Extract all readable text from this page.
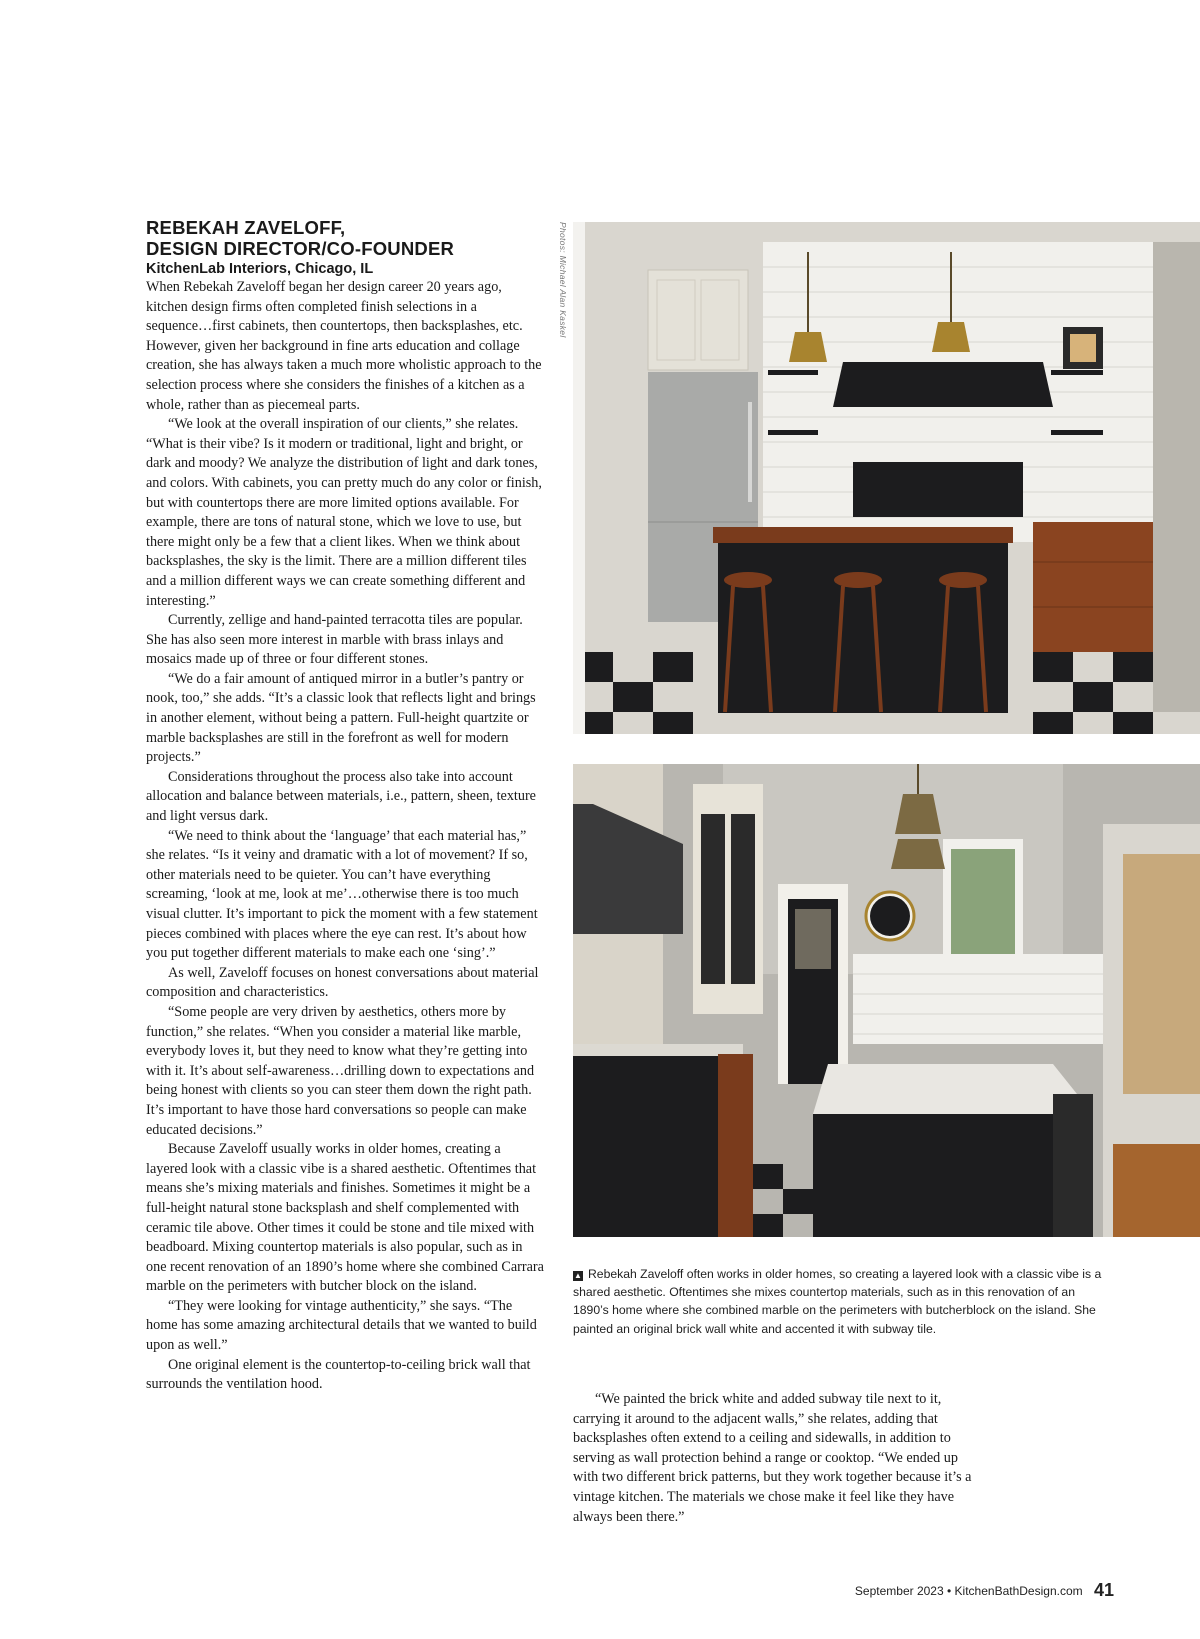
REBEKAH ZAVELOFF,
DESIGN DIRECTOR/CO-FOUNDER

KitchenLab Interiors, Chicago, IL

When Rebekah Zaveloff began her design career 20 years ago, kitchen design firms often completed finish selections in a sequence…first cabinets, then countertops, then backsplashes, etc. However, given her background in fine arts education and collage creation, she has always taken a much more wholistic approach to the selection process where she considers the finishes of a kitchen as a whole, rather than as piecemeal parts.

“We look at the overall inspiration of our clients,” she relates. “What is their vibe? Is it modern or traditional, light and bright, or dark and moody? We analyze the distribution of light and dark tones, and colors. With cabinets, you can pretty much do any color or finish, but with countertops there are more limited options available. For example, there are tons of natural stone, which we love to use, but there might only be a few that a client likes. When we think about backsplashes, the sky is the limit. There are a million different tiles and a million different ways we can create something different and interesting.”

Currently, zellige and hand-painted terracotta tiles are popular. She has also seen more interest in marble with brass inlays and mosaics made up of three or four different stones.

“We do a fair amount of antiqued mirror in a butler’s pantry or nook, too,” she adds. “It’s a classic look that reflects light and brings in another element, without being a pattern. Full-height quartzite or marble backsplashes are still in the forefront as well for modern projects.”

Considerations throughout the process also take into account allocation and balance between materials, i.e., pattern, sheen, texture and light versus dark.

“We need to think about the ‘language’ that each material has,” she relates. “Is it veiny and dramatic with a lot of movement? If so, other materials need to be quieter. You can’t have everything screaming, ‘look at me, look at me’…otherwise there is too much visual clutter. It’s important to pick the moment with a few statement pieces combined with places where the eye can rest. It’s about how you put together different materials to make each one ‘sing’.”

As well, Zaveloff focuses on honest conversations about material composition and characteristics.

“Some people are very driven by aesthetics, others more by function,” she relates. “When you consider a material like marble, everybody loves it, but they need to know what they’re getting into with it. It’s about self-awareness…drilling down to expectations and being honest with clients so you can steer them down the right path. It’s important to have those hard conversations so people can make educated decisions.”

Because Zaveloff usually works in older homes, creating a layered look with a classic vibe is a shared aesthetic. Oftentimes that means she’s mixing materials and finishes. Sometimes it might be a full-height natural stone backsplash and shelf complemented with ceramic tile above. Other times it could be stone and tile mixed with beadboard. Mixing countertop materials is also popular, such as in one recent renovation of an 1890’s home where she combined Carrara marble on the perimeters with butcher block on the island.

“They were looking for vintage authenticity,” she says. “The home has some amazing architectural details that we wanted to build upon as well.”

One original element is the countertop-to-ceiling brick wall that surrounds the ventilation hood.

Photos: Michael Alan Kaskel
▲ Rebekah Zaveloff often works in older homes, so creating a layered look with a classic vibe is a shared aesthetic. Oftentimes she mixes countertop materials, such as in this renovation of an 1890’s home where she combined marble on the perimeters with butcherblock on the island. She painted an original brick wall white and accented it with subway tile.

“We painted the brick white and added subway tile next to it, carrying it around to the adjacent walls,” she relates, adding that backsplashes often extend to a ceiling and sidewalls, in addition to serving as wall protection behind a range or cooktop. “We ended up with two different brick patterns, but they work together because it’s a vintage kitchen. The materials we chose make it feel like they have always been there.”

September 2023 • KitchenBathDesign.com 41
